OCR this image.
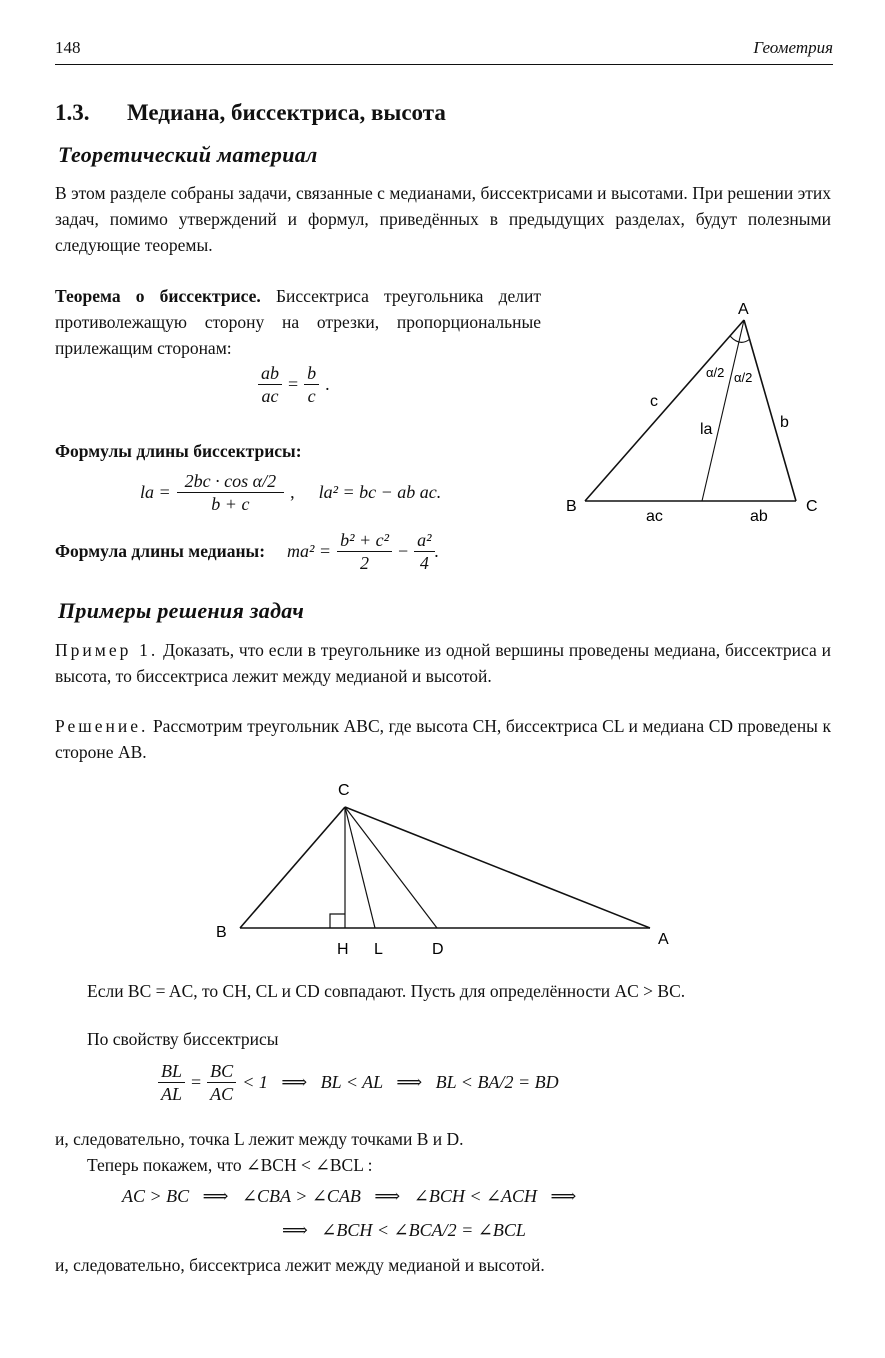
148	Геометрия
1.3. Медиана, биссектриса, высота
Теоретический материал

В этом разделе собраны задачи, связанные с медианами, биссектрисами и высотами. При решении этих задач, помимо утверждений и формул, приведённых в предыдущих разделах, будут полезными следующие теоремы.

Теорема о биссектрисе. Биссектриса треугольника делит противолежащую сторону на отрезки, пропорциональные прилежащим сторонам:

$\frac{ab}{ac} = \frac{b}{c}$ .

Формулы длины биссектрисы:

la = $\frac{\text{2bc · cos α/2}}{b + c}$ ,	la² = bc − ab ac.
Формула длины медианы: $ma^2 = \frac{\text{b² + c²}}{2} - \frac{\text{a²}}{4}$ .
A
B	C
c
b
la
α/2 α/2
ac	ab
Примеры решения задач

Пример 1. Доказать, что если в треугольнике из одной вершины проведены медиана, биссектриса и высота, то биссектриса лежит между медианой и высотой.

Решение. Рассмотрим треугольник ABC, где высота CH, биссектриса CL и медиана CD проведены к стороне AB.

C
B	A
H L	D

Если BC = AC, то CH, CL и CD совпадают. Пусть для определённости AC > BC.

По свойству биссектрисы

$\frac{BL}{AL} = \frac{BC}{AC} < 1$   ⟹   BL < AL   ⟹   BL < BA/2 = BD

и, следовательно, точка L лежит между точками B и D.

Теперь покажем, что ∠BCH < ∠BCL :

AC > BC   ⟹   ∠CBA > ∠CAB   ⟹   ∠BCH < ∠ACH   ⟹
⟹   ∠BCH < ∠BCA/2 = ∠BCL

и, следовательно, биссектриса лежит между медианой и высотой.
